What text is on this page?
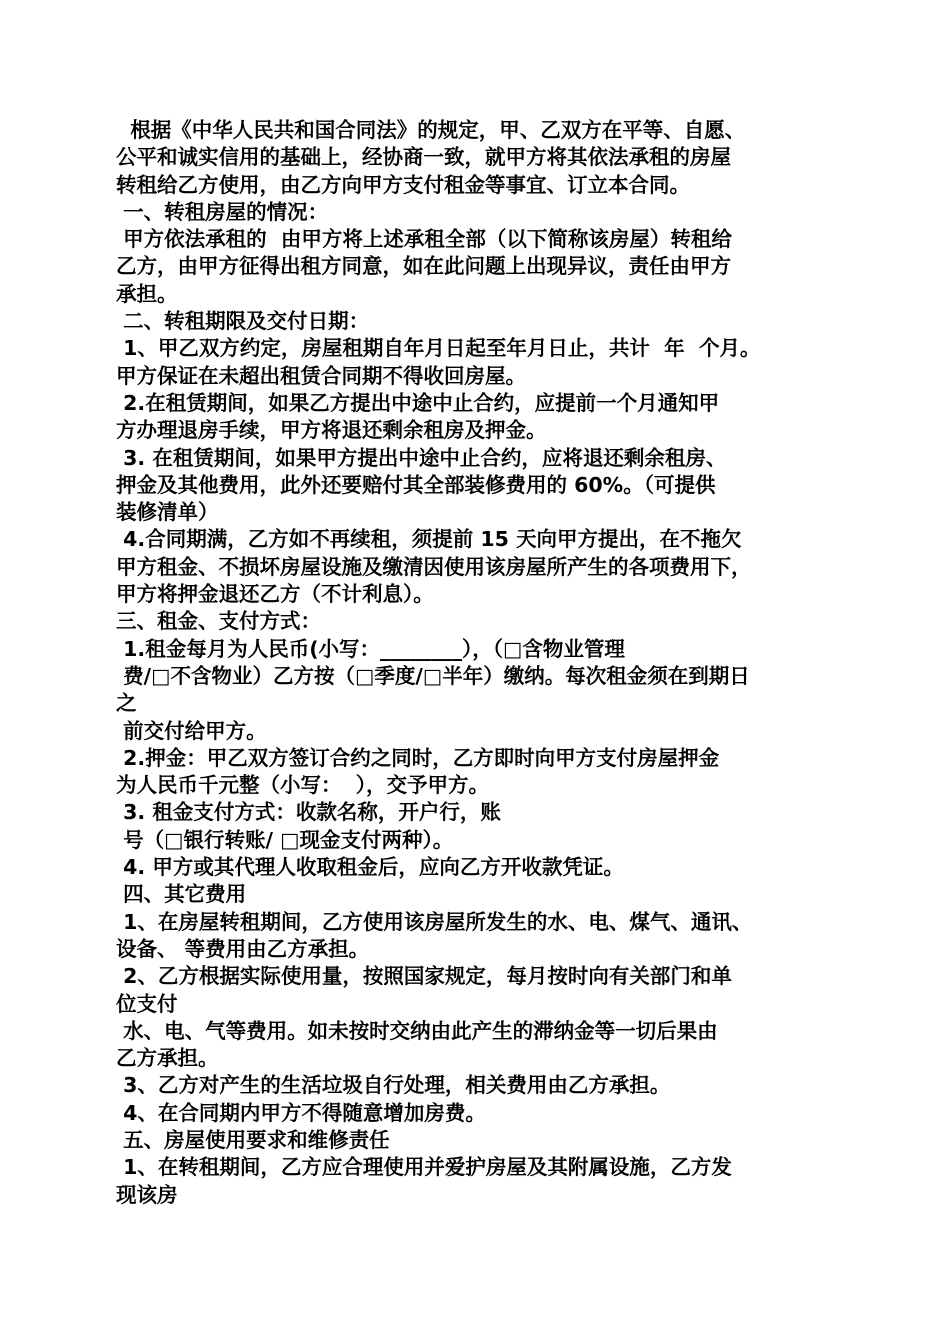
根据《中华人民共和国合同法》的规定，甲、乙双方在平等、自愿、
公平和诚实信用的基础上，经协商一致，就甲方将其依法承租的房屋
转租给乙方使用，由乙方向甲方支付租金等事宜、订立本合同。
一、转租房屋的情况：
甲方依法承租的  由甲方将上述承租全部（以下简称该房屋）转租给
乙方，由甲方征得出租方同意，如在此问题上出现异议，责任由甲方
承担。
二、转租期限及交付日期：
1、甲乙双方约定，房屋租期自年月日起至年月日止，共计  年  个月。
甲方保证在未超出租赁合同期不得收回房屋。
2.在租赁期间，如果乙方提出中途中止合约，应提前一个月通知甲
方办理退房手续，甲方将退还剩余租房及押金。
3. 在租赁期间，如果甲方提出中途中止合约，应将退还剩余租房、
押金及其他费用，此外还要赔付其全部装修费用的 60%。（可提供
装修清单）
4.合同期满，乙方如不再续租，须提前 15 天向甲方提出，在不拖欠
甲方租金、不损坏房屋设施及缴清因使用该房屋所产生的各项费用下，
甲方将押金退还乙方（不计利息）。
三、租金、支付方式：
1.租金每月为人民币(小写：________），（□含物业管理
费/□不含物业）乙方按（□季度/□半年）缴纳。每次租金须在到期日
之
前交付给甲方。
2.押金：甲乙双方签订合约之同时，乙方即时向甲方支付房屋押金
为人民币千元整（小写：  ），交予甲方。
3. 租金支付方式：收款名称，开户行，账
号（□银行转账/ □现金支付两种）。
4. 甲方或其代理人收取租金后，应向乙方开收款凭证。
四、其它费用
1、在房屋转租期间，乙方使用该房屋所发生的水、电、煤气、通讯、
设备、 等费用由乙方承担。
2、乙方根据实际使用量，按照国家规定，每月按时向有关部门和单
位支付
水、电、气等费用。如未按时交纳由此产生的滞纳金等一切后果由
乙方承担。
3、乙方对产生的生活垃圾自行处理，相关费用由乙方承担。
4、在合同期内甲方不得随意增加房费。
五、房屋使用要求和维修责任
1、在转租期间，乙方应合理使用并爱护房屋及其附属设施，乙方发
现该房
